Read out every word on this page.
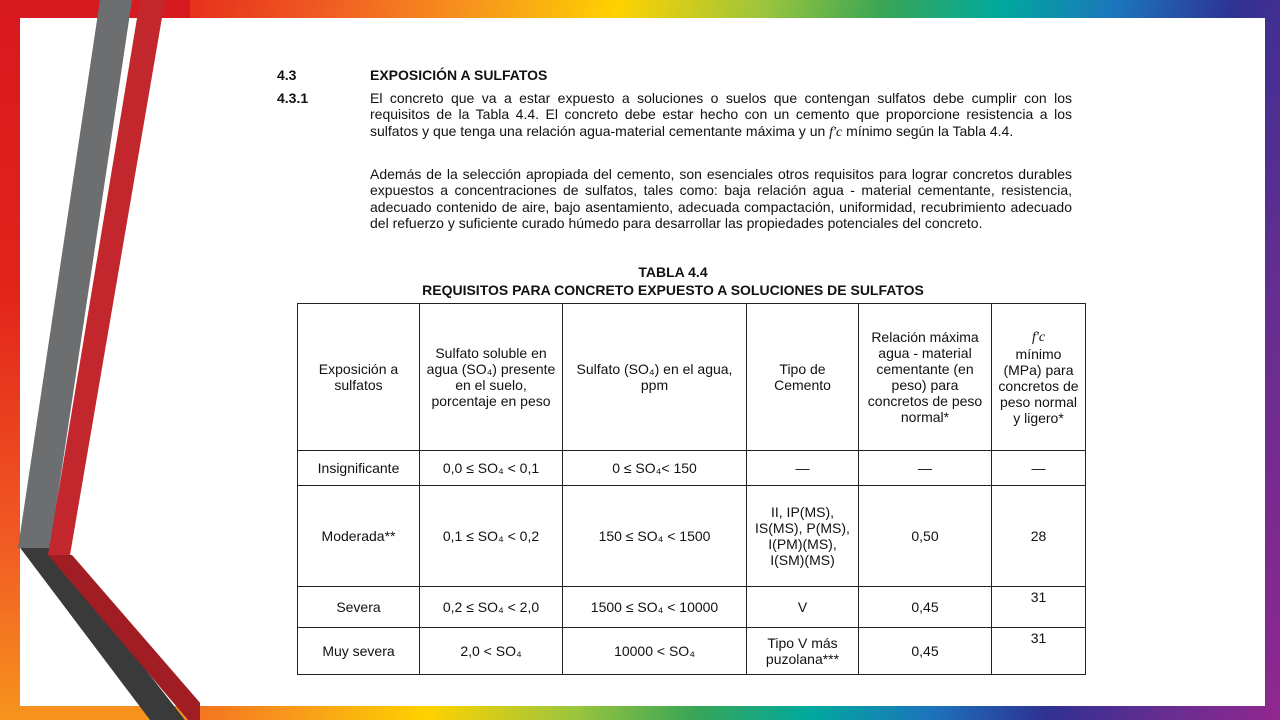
4.3	EXPOSICIÓN A SULFATOS
4.3.1	El concreto que va a estar expuesto a soluciones o suelos que contengan sulfatos debe cumplir con los requisitos de la Tabla 4.4. El concreto debe estar hecho con un cemento que proporcione resistencia a los sulfatos y que tenga una relación agua-material cementante máxima y un f'c mínimo según la Tabla 4.4.

Además de la selección apropiada del cemento, son esenciales otros requisitos para lograr concretos durables expuestos a concentraciones de sulfatos, tales como: baja relación agua - material cementante, resistencia, adecuado contenido de aire, bajo asentamiento, adecuada compactación, uniformidad, recubrimiento adecuado del refuerzo y suficiente curado húmedo para desarrollar las propiedades potenciales del concreto.

TABLA 4.4
REQUISITOS PARA CONCRETO EXPUESTO A SOLUCIONES DE SULFATOS
Exposición a sulfatos	Sulfato soluble en agua (SO₄) presente en el suelo, porcentaje en peso	Sulfato (SO₄) en el agua, ppm	Tipo de Cemento	Relación máxima agua - material cementante (en peso) para concretos de peso normal*	f'c
mínimo (MPa) para concretos de peso normal y ligero*
Insignificante	0,0 ≤ SO₄ < 0,1	0 ≤ SO₄< 150	—	—	—
Moderada**	0,1 ≤ SO₄ < 0,2	150 ≤ SO₄ < 1500	II, IP(MS), IS(MS), P(MS), I(PM)(MS), I(SM)(MS)	0,50	28
Severa	0,2 ≤ SO₄ < 2,0	1500 ≤ SO₄ < 10000	V	0,45	31
Muy severa	2,0 < SO₄	10000 < SO₄	Tipo V más puzolana***	0,45	31
